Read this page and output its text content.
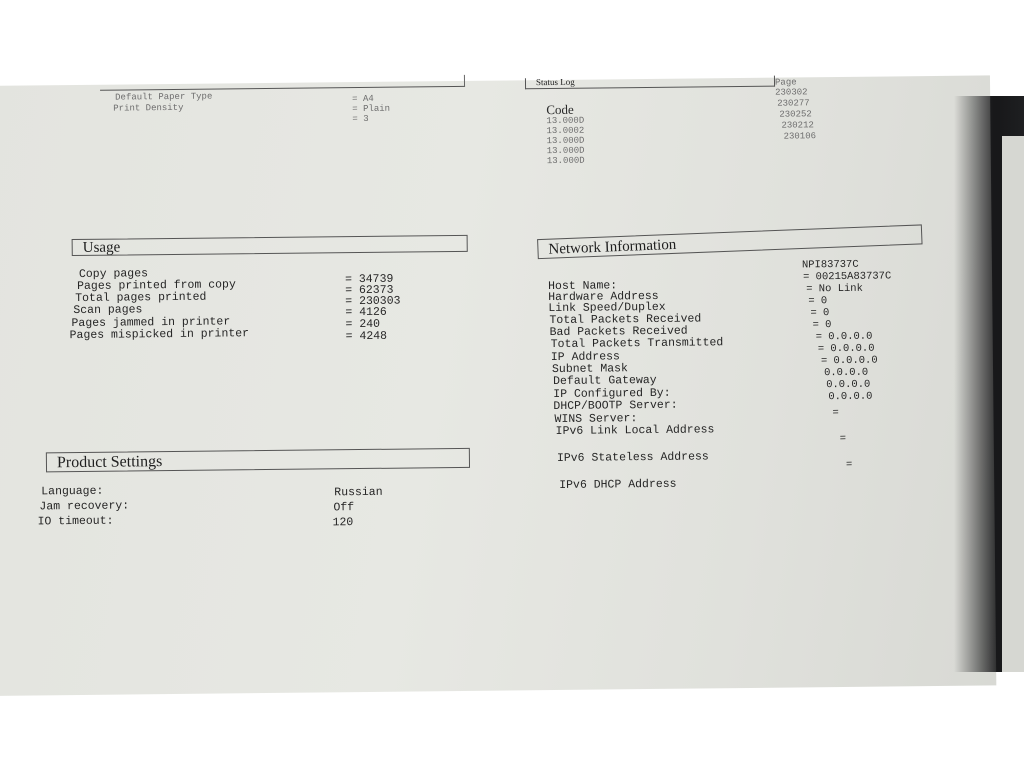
Default Paper Type
Print Density
= A4
= Plain
= 3
Status Log
Code
13.000D
13.0002
13.000D
13.000D
13.000D
Page
230302
230277
230252
230212
230106
Usage
Copy pages
Pages printed from copy
Total pages printed
Scan pages
Pages jammed in printer
Pages mispicked in printer
= 34739
= 62373
= 230303
= 4126
= 240
= 4248
Product Settings
Language:
Jam recovery:
IO timeout:
Russian
Off
120
Network Information
Host Name:
Hardware Address
Link Speed/Duplex
Total Packets Received
Bad Packets Received
Total Packets Transmitted
IP Address
Subnet Mask
Default Gateway
IP Configured By:
DHCP/BOOTP Server:
WINS Server:
IPv6 Link Local Address
IPv6 Stateless Address
IPv6 DHCP Address
NPI83737C
= 00215A83737C
= No Link
= 0
= 0
= 0
= 0.0.0.0
= 0.0.0.0
= 0.0.0.0
0.0.0.0
0.0.0.0
0.0.0.0
=
=
=
